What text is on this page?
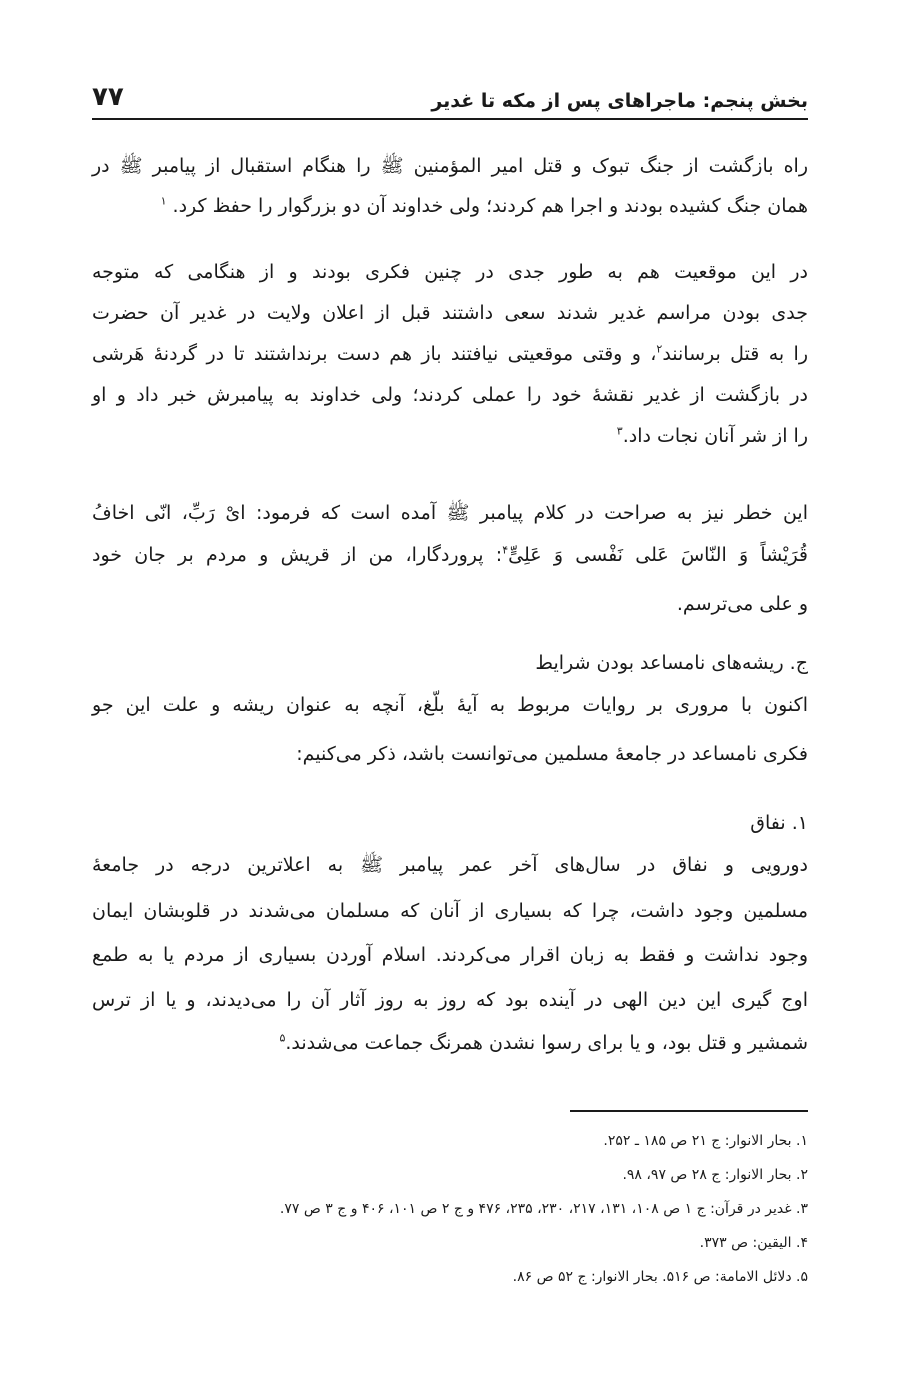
بخش پنجم: ماجراهای پس از مکه تا غدیر
۷۷
راه بازگشت از جنگ تبوک و قتل امیر المؤمنین ﷺ را هنگام استقبال از پیامبر ﷺ در
همان جنگ کشیده بودند و اجرا هم کردند؛ ولی خداوند آن دو بزرگوار را حفظ کرد. $^۱$
در این موقعیت هم به طور جدی در چنین فکری بودند و از هنگامی که متوجه
جدی بودن مراسم غدیر شدند سعی داشتند قبل از اعلان ولایت در غدیر آن حضرت
را به قتل برسانند$^۲$، و وقتی موقعیتی نیافتند باز هم دست برنداشتند تا در گردنهٔ هَرشی
در بازگشت از غدیر نقشهٔ خود را عملی کردند؛ ولی خداوند به پیامبرش خبر داد و او
را از شر آنان نجات داد.$^۳$
این خطر نیز به صراحت در کلام پیامبر ﷺ آمده است که فرمود: ایْ رَبِّ، انّی اخافُ
قُرَیْشاً وَ النّاسَ عَلی نَفْسی وَ عَلِیٍّ$^۴$: پروردگارا، من از قریش و مردم بر جان خود
و علی می‌ترسم.
ج. ریشه‌های نامساعد بودن شرایط
اکنون با مروری بر روایات مربوط به آیهٔ بلّغ، آنچه به عنوان ریشه و علت این جو
فکری نامساعد در جامعهٔ مسلمین می‌توانست باشد، ذکر می‌کنیم:
۱. نفاق
دورویی و نفاق در سال‌های آخر عمر پیامبر ﷺ به اعلاترین درجه در جامعهٔ
مسلمین وجود داشت، چرا که بسیاری از آنان که مسلمان می‌شدند در قلوبشان ایمان
وجود نداشت و فقط به زبان اقرار می‌کردند. اسلام آوردن بسیاری از مردم یا به طمع
اوج گیری این دین الهی در آینده بود که روز به روز آثار آن را می‌دیدند، و یا از ترس
شمشیر و قتل بود، و یا برای رسوا نشدن همرنگ جماعت می‌شدند.$^۵$
۱. بحار الانوار: ج ۲۱ ص ۱۸۵ ـ ۲۵۲.
۲. بحار الانوار: ج ۲۸ ص ۹۷، ۹۸.
۳. غدیر در قرآن: ج ۱ ص ۱۰۸، ۱۳۱، ۲۱۷، ۲۳۰، ۲۳۵، ۴۷۶ و ج ۲ ص ۱۰۱، ۴۰۶ و ج ۳ ص ۷۷.
۴. الیقین: ص ۳۷۳.
۵. دلائل الامامة: ص ۵۱۶. بحار الانوار: ج ۵۲ ص ۸۶.
